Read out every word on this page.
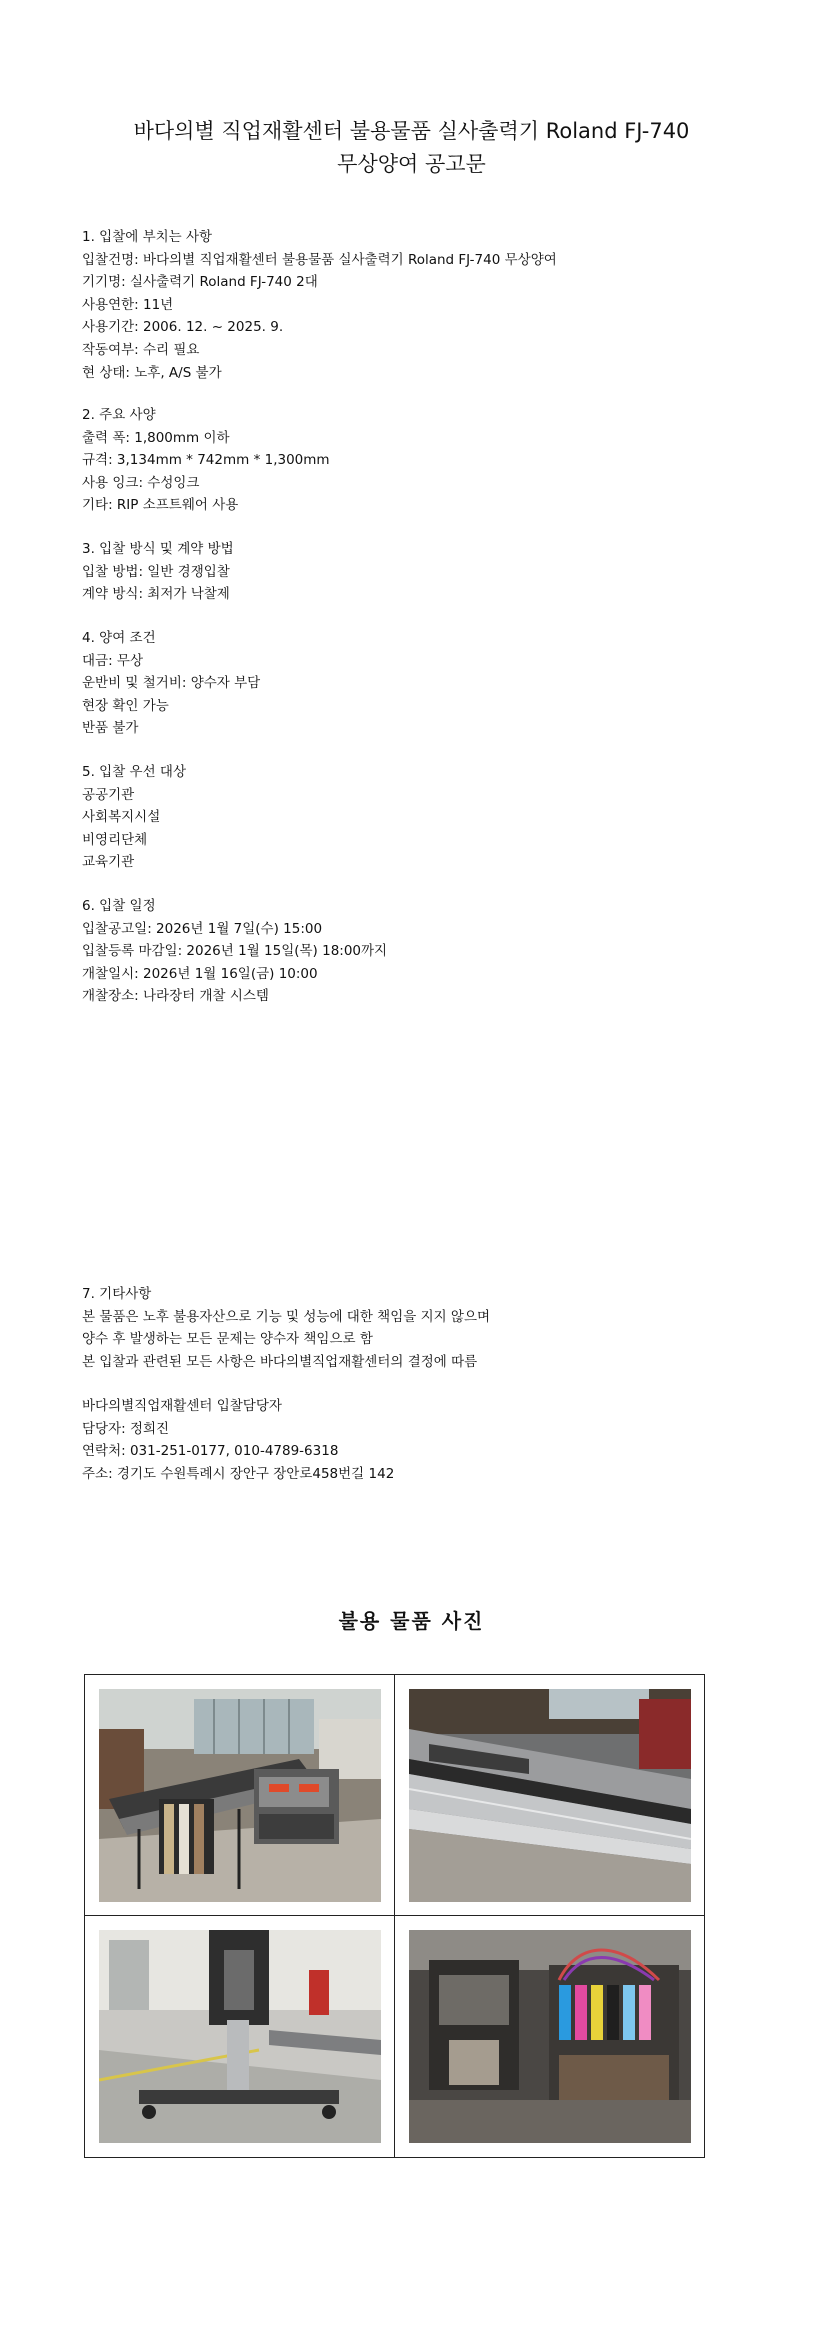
바다의별 직업재활센터 불용물품 실사출력기 Roland FJ-740
무상양여 공고문
1. 입찰에 부치는 사항
입찰건명: 바다의별 직업재활센터 불용물품 실사출력기 Roland FJ-740 무상양여
기기명: 실사출력기 Roland FJ-740 2대
사용연한: 11년
사용기간: 2006. 12. ~ 2025. 9.
작동여부: 수리 필요
현 상태: 노후, A/S 불가
2. 주요 사양
출력 폭: 1,800mm 이하
규격: 3,134mm * 742mm * 1,300mm
사용 잉크: 수성잉크
기타: RIP 소프트웨어 사용
3. 입찰 방식 및 계약 방법
입찰 방법: 일반 경쟁입찰
계약 방식: 최저가 낙찰제
4. 양여 조건
대금: 무상
운반비 및 철거비: 양수자 부담
현장 확인 가능
반품 불가
5. 입찰 우선 대상
공공기관
사회복지시설
비영리단체
교육기관
6. 입찰 일정
입찰공고일: 2026년 1월 7일(수) 15:00
입찰등록 마감일: 2026년 1월 15일(목) 18:00까지
개찰일시: 2026년 1월 16일(금) 10:00
개찰장소: 나라장터 개찰 시스템
7. 기타사항
본 물품은 노후 불용자산으로 기능 및 성능에 대한 책임을 지지 않으며
양수 후 발생하는 모든 문제는 양수자 책임으로 함
본 입찰과 관련된 모든 사항은 바다의별직업재활센터의 결정에 따름
바다의별직업재활센터 입찰담당자
담당자: 정희진
연락처: 031-251-0177, 010-4789-6318
주소: 경기도 수원특례시 장안구 장안로458번길 142
불용 물품 사진
